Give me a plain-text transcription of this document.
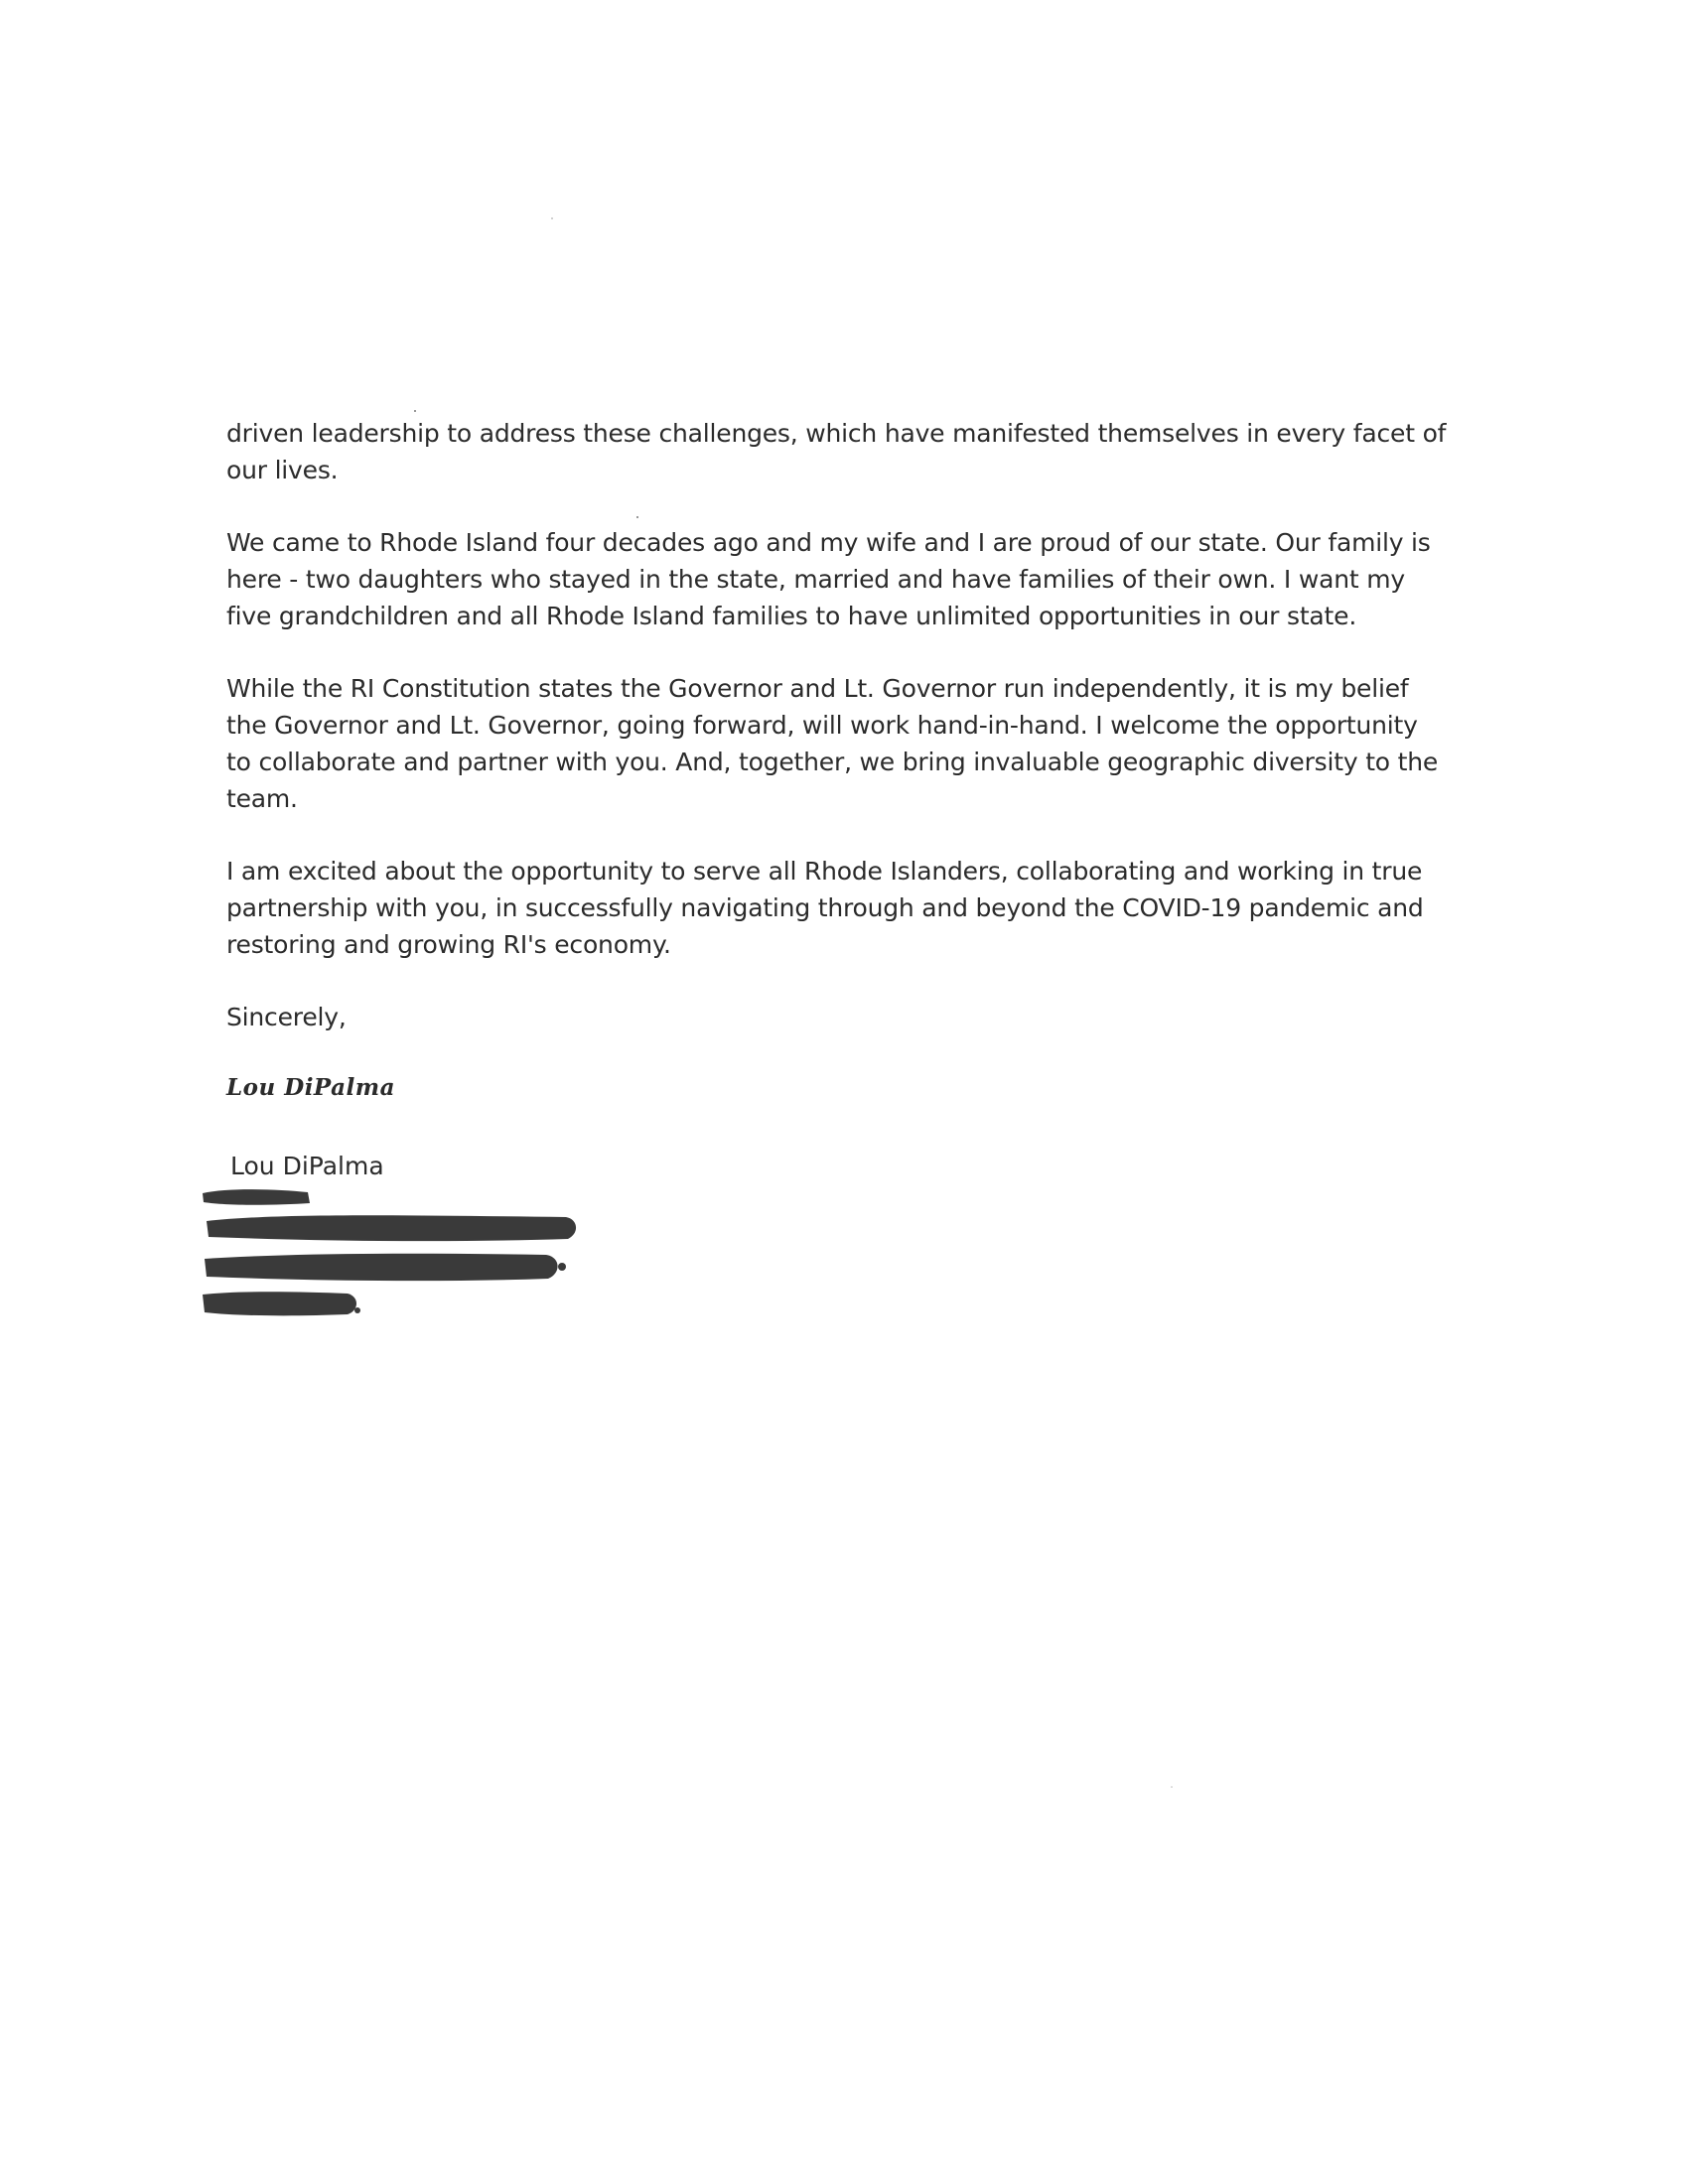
driven leadership to address these challenges, which have manifested themselves in every facet of our lives.

We came to Rhode Island four decades ago and my wife and I are proud of our state. Our family is here - two daughters who stayed in the state, married and have families of their own. I want my five grandchildren and all Rhode Island families to have unlimited opportunities in our state.

While the RI Constitution states the Governor and Lt. Governor run independently, it is my belief the Governor and Lt. Governor, going forward, will work hand-in-hand. I welcome the opportunity to collaborate and partner with you. And, together, we bring invaluable geographic diversity to the team.

I am excited about the opportunity to serve all Rhode Islanders, collaborating and working in true partnership with you, in successfully navigating through and beyond the COVID-19 pandemic and restoring and growing RI's economy.

Sincerely,

Lou DiPalma
Lou DiPalma
